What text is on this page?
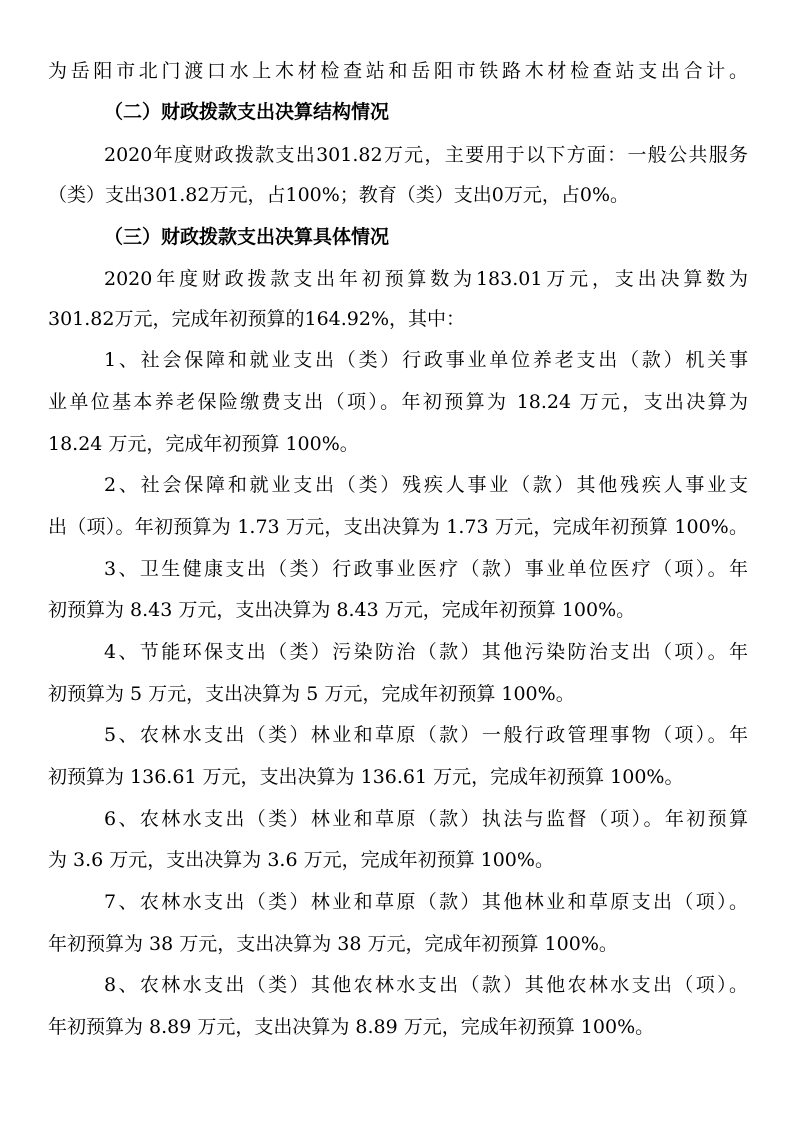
为岳阳市北门渡口水上木材检查站和岳阳市铁路木材检查站支出合计。
（二）财政拨款支出决算结构情况
2020年度财政拨款支出301.82万元，主要用于以下方面：一般公共服务
（类）支出301.82万元，占100%；教育（类）支出0万元，占0%。
（三）财政拨款支出决算具体情况
2020年度财政拨款支出年初预算数为183.01万元，支出决算数为
301.82万元，完成年初预算的164.92%，其中：
1、社会保障和就业支出（类）行政事业单位养老支出（款）机关事
业单位基本养老保险缴费支出（项）。年初预算为 18.24 万元，支出决算为
18.24 万元，完成年初预算 100%。
2、社会保障和就业支出（类）残疾人事业（款）其他残疾人事业支
出（项）。年初预算为 1.73 万元，支出决算为 1.73 万元，完成年初预算 100%。
3、卫生健康支出（类）行政事业医疗（款）事业单位医疗（项）。年
初预算为 8.43 万元，支出决算为 8.43 万元，完成年初预算 100%。
4、节能环保支出（类）污染防治（款）其他污染防治支出（项）。年
初预算为 5 万元，支出决算为 5 万元，完成年初预算 100%。
5、农林水支出（类）林业和草原（款）一般行政管理事物（项）。年
初预算为 136.61 万元，支出决算为 136.61 万元，完成年初预算 100%。
6、农林水支出（类）林业和草原（款）执法与监督（项）。年初预算
为 3.6 万元，支出决算为 3.6 万元，完成年初预算 100%。
7、农林水支出（类）林业和草原（款）其他林业和草原支出（项）。
年初预算为 38 万元，支出决算为 38 万元，完成年初预算 100%。
8、农林水支出（类）其他农林水支出（款）其他农林水支出（项）。
年初预算为 8.89 万元，支出决算为 8.89 万元，完成年初预算 100%。
